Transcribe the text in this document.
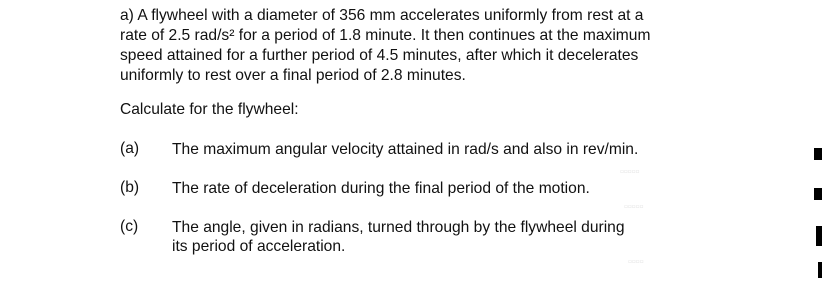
a) A flywheel with a diameter of 356 mm accelerates uniformly from rest at a
rate of 2.5 rad/s² for a period of 1.8 minute. It then continues at the maximum
speed attained for a further period of 4.5 minutes, after which it decelerates
uniformly to rest over a final period of 2.8 minutes.
Calculate for the flywheel:
(a) The maximum angular velocity attained in rad/s and also in rev/min.
(b) The rate of deceleration during the final period of the motion.
(c) The angle, given in radians, turned through by the flywheel during
its period of acceleration.
▫▫▫▫▫
▫▫▫▫▫
▫▫▫▫
